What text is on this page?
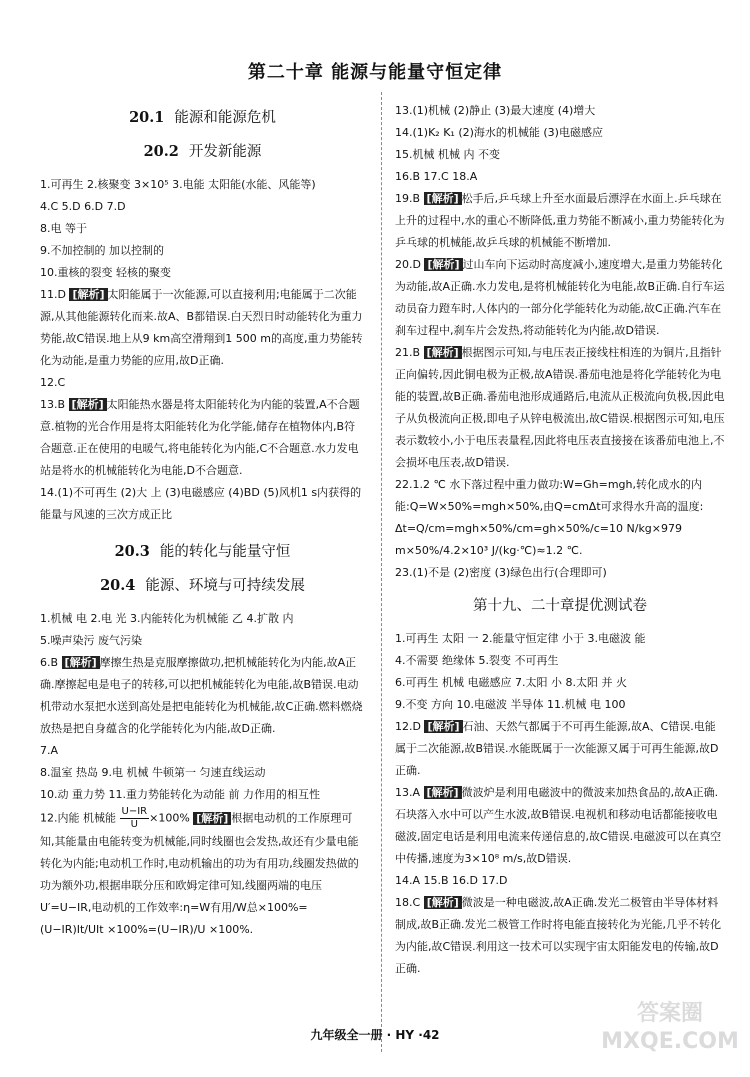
第二十章 能源与能量守恒定律
20.1 能源和能源危机
20.2 开发新能源

1.可再生 2.核聚变 3×10⁵ 3.电能 太阳能(水能、风能等)

4.C 5.D 6.D 7.D

8.电 等于

9.不加控制的 加以控制的

10.重核的裂变 轻核的聚变

11.D [解析] 太阳能属于一次能源,可以直接利用;电能属于二次能源,从其他能源转化而来.故A、B都错误.白天烈日时动能转化为重力势能,故C错误.地上从9 km高空滑翔到1 500 m的高度,重力势能转化为动能,是重力势能的应用,故D正确.

12.C

13.B [解析] 太阳能热水器是将太阳能转化为内能的装置,A不合题意.植物的光合作用是将太阳能转化为化学能,储存在植物体内,B符合题意.正在使用的电暖气,将电能转化为内能,C不合题意.水力发电站是将水的机械能转化为电能,D不合题意.

14.(1)不可再生 (2)大 上 (3)电磁感应 (4)BD (5)风机1 s内获得的能量与风速的三次方成正比

20.3 能的转化与能量守恒
20.4 能源、环境与可持续发展

1.机械 电 2.电 光 3.内能转化为机械能 乙 4.扩散 内

5.噪声染污 废气污染

6.B [解析] 摩擦生热是克服摩擦做功,把机械能转化为内能,故A正确.摩擦起电是电子的转移,可以把机械能转化为电能,故B错误.电动机带动水泵把水送到高处是把电能转化为机械能,故C正确.燃料燃烧放热是把自身蕴含的化学能转化为内能,故D正确.

7.A

8.温室 热岛 9.电 机械 牛顿第一 匀速直线运动

10.动 重力势 11.重力势能转化为动能 前 力作用的相互性

12.内能 机械能 $\frac{U-IR}{U} \times 100\%$ [解析] 根据电动机的工作原理可知,其能量由电能转变为机械能,同时线圈也会发热,故还有少量电能转化为内能;电动机工作时,电动机输出的功为有用功,线圈发热做的功为额外功,根据串联分压和欧姆定律可知,线圈两端的电压 U′=U−IR,电动机的工作效率:η=W有用/W总×100%=

(U−IR)It/UIt ×100%=(U−IR)/U ×100%.

13.(1)机械 (2)静止 (3)最大速度 (4)增大

14.(1)K₂ K₁ (2)海水的机械能 (3)电磁感应

15.机械 机械 内 不变

16.B 17.C 18.A

19.B [解析] 松手后,乒乓球上升至水面最后漂浮在水面上.乒乓球在上升的过程中,水的重心不断降低,重力势能不断减小,重力势能转化为乒乓球的机械能,故乒乓球的机械能不断增加.

20.D [解析] 过山车向下运动时高度减小,速度增大,是重力势能转化为动能,故A正确.水力发电,是将机械能转化为电能,故B正确.自行车运动员奋力蹬车时,人体内的一部分化学能转化为动能,故C正确.汽车在刹车过程中,刹车片会发热,将动能转化为内能,故D错误.

21.B [解析] 根据图示可知,与电压表正接线柱相连的为铜片,且指针正向偏转,因此铜电极为正极,故A错误.番茄电池是将化学能转化为电能的装置,故B正确.番茄电池形成通路后,电流从正极流向负极,因此电子从负极流向正极,即电子从锌电极流出,故C错误.根据图示可知,电压表示数较小,小于电压表量程,因此将电压表直接接在该番茄电池上,不会损坏电压表,故D错误.

22.1.2 ℃ 水下落过程中重力做功:W=Gh=mgh,转化成水的内能:Q=W×50%=mgh×50%,由Q=cmΔt可求得水升高的温度:

Δt=Q/cm=mgh×50%/cm=gh×50%/c=10 N/kg×979 m×50%/4.2×10³ J/(kg·℃)≈1.2 ℃.

23.(1)不是 (2)密度 (3)绿色出行(合理即可)

第十九、二十章提优测试卷

1.可再生 太阳 一 2.能量守恒定律 小于 3.电磁波 能

4.不需要 绝缘体 5.裂变 不可再生

6.可再生 机械 电磁感应 7.太阳 小 8.太阳 并 火

9.不变 方向 10.电磁波 半导体 11.机械 电 100

12.D [解析] 石油、天然气都属于不可再生能源,故A、C错误.电能属于二次能源,故B错误.水能既属于一次能源又属于可再生能源,故D正确.

13.A [解析] 微波炉是利用电磁波中的微波来加热食品的,故A正确.石块落入水中可以产生水波,故B错误.电视机和移动电话都能接收电磁波,固定电话是利用电流来传递信息的,故C错误.电磁波可以在真空中传播,速度为3×10⁸ m/s,故D错误.

14.A 15.B 16.D 17.D

18.C [解析] 微波是一种电磁波,故A正确.发光二极管由半导体材料制成,故B正确.发光二极管工作时将电能直接转化为光能,几乎不转化为内能,故C错误.利用这一技术可以实现宇宙太阳能发电的传输,故D正确.

九年级全一册 · HY ·42
答案圈 MXQE.COM
